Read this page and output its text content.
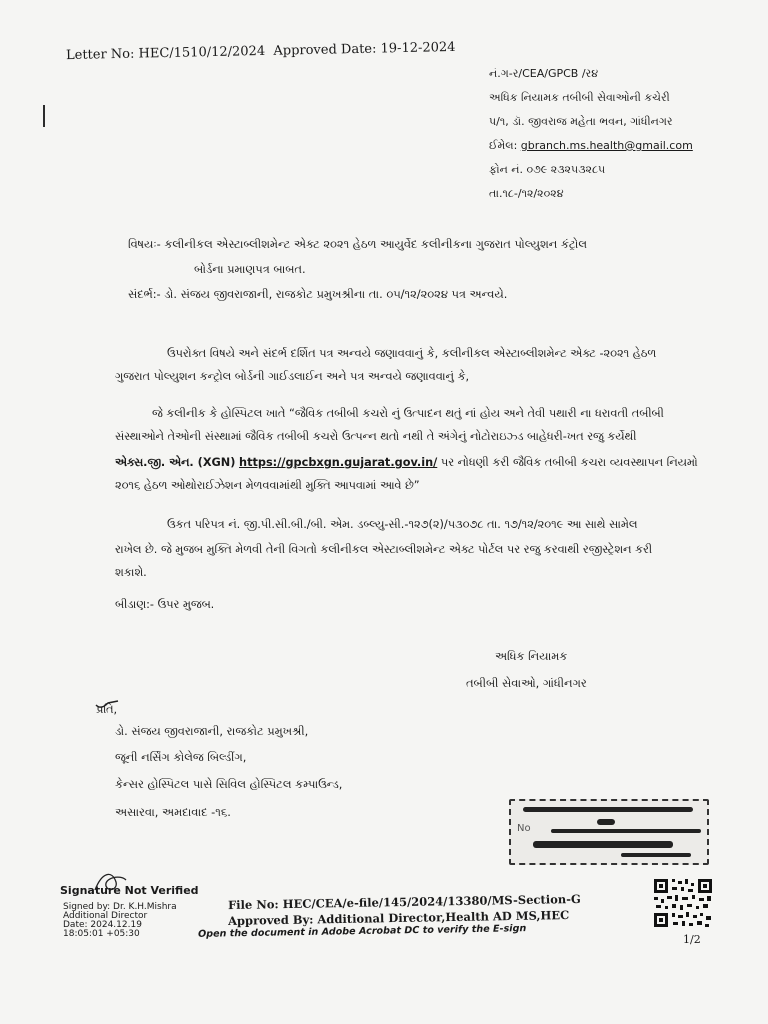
Letter No: HEC/1510/12/2024 Approved Date: 19-12-2024
નં.ગ-ર/CEA/GPCB /ર૪
અધિક નિયામક તબીબી સેવાઓની કચેરી
પ/૧, ડૉ. જીવરાજ મહેતા ભવન, ગાંધીનગર
ઈમેલ: gbranch.ms.health@gmail.com
ફોન નં. ૦૭૯ ૨૩૨૫૩૨૮૫
તા.૧૮-/૧૨/૨૦૨૪
વિષયઃ- કલીનીકલ એસ્ટાબ્લીશમેન્ટ એક્ટ ૨૦૨૧ હેઠળ આયુર્વેદ કલીનીકના ગુજરાત પોલ્યુશન કંટ્રોલ
બોર્ડના પ્રમાણપત્ર બાબત.
સંદર્ભ:- ડો. સંજય જીવરાજાની, રાજકોટ પ્રમુખશ્રીના તા. ૦૫/૧૨/૨૦૨૪ પત્ર અન્વયે.
ઉપરોક્ત વિષયે અને સંદર્ભ દર્શિત પત્ર અન્વયે જણાવવાનું કે, કલીનીકલ એસ્ટાબ્લીશમેન્ટ એક્ટ -૨૦૨૧ હેઠળ
ગુજરાત પોલ્યુશન કન્ટ્રોલ બોર્ડની ગાઈડલાઈન અને પત્ર અન્વયે જણાવવાનું કે,
જે કલીનીક કે હોસ્પિટલ ખાતે “જૈવિક તબીબી કચરો નું ઉત્પાદન થતું નાં હોય અને તેવી પથારી ના ધરાવતી તબીબી
સંસ્થાઓને તેઓની સંસ્થામાં જૈવિક તબીબી કચરો ઉત્પન્ન થતો નથી તે અંગેનું નોટોરાઇઝ્ડ બાહેધરી-ખત રજુ કર્યેથી
એક્સ.જી. એન. (XGN) https://gpcbxgn.gujarat.gov.in/ પર નોધણી કરી જૈવિક તબીબી કચરા વ્યવસ્થાપન નિયમો
૨૦૧૬ હેઠળ ઓથોરાઈઝેશન મેળવવામાંથી મુક્તિ આપવામાં આવે છે”
ઉકત પરિપત્ર નં. જી.પી.સી.બી./બી. એમ. ડબ્લ્યુ-સી.-૧૨૭(૨)/પ૩૦૭૮ તા. ૧૭/૧૨/૨૦૧૯ આ સાથે સામેલ
રાખેલ છે. જે મુજબ મુક્તિ મેળવી તેની વિગતો કલીનીકલ એસ્ટાબ્લીશમેન્ટ એક્ટ પોર્ટલ પર રજુ કરવાથી રજીસ્ટ્રેશન કરી
શકાશે.
બીડાણ:- ઉપર મુજબ.
અધિક નિયામક
તબીબી સેવાઓ, ગાંધીનગર
પ્રતિ,
ડો. સંજય જીવરાજાની, રાજકોટ પ્રમુખશ્રી,
જૂની નર્સિંગ કોલેજ બિલ્ડીંગ,
કેન્સર હોસ્પિટલ પાસે સિવિલ હોસ્પિટલ કમ્પાઉન્ડ,
અસારવા, અમદાવાદ -૧૬.
No
Signature Not Verified
Signed by: Dr. K.H.Mishra
Additional Director
Date: 2024.12.19
18:05:01 +05:30
File No: HEC/CEA/e-file/145/2024/13380/MS-Section-G
Approved By: Additional Director,Health AD MS,HEC
Open the document in Adobe Acrobat DC to verify the E-sign	1/2
